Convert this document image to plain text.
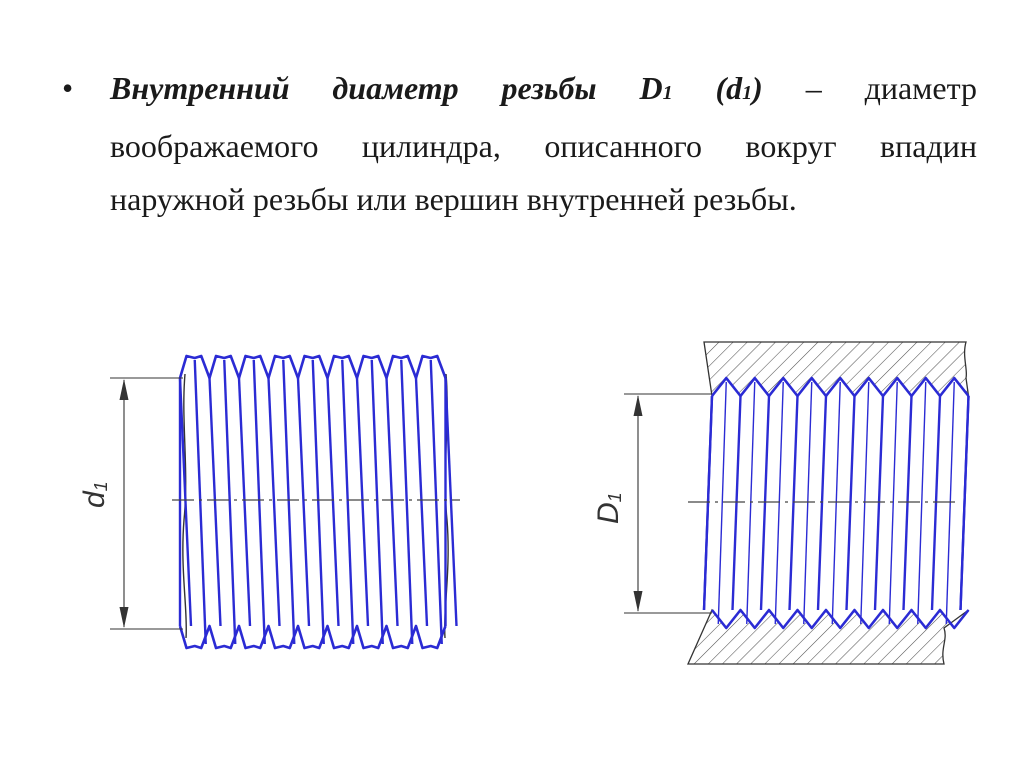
• Внутренний диаметр резьбы D1 (d1) – диаметр воображаемого цилиндра, описанного вокруг впадин наружной резьбы или вершин внутренней резьбы.
d1
D1
